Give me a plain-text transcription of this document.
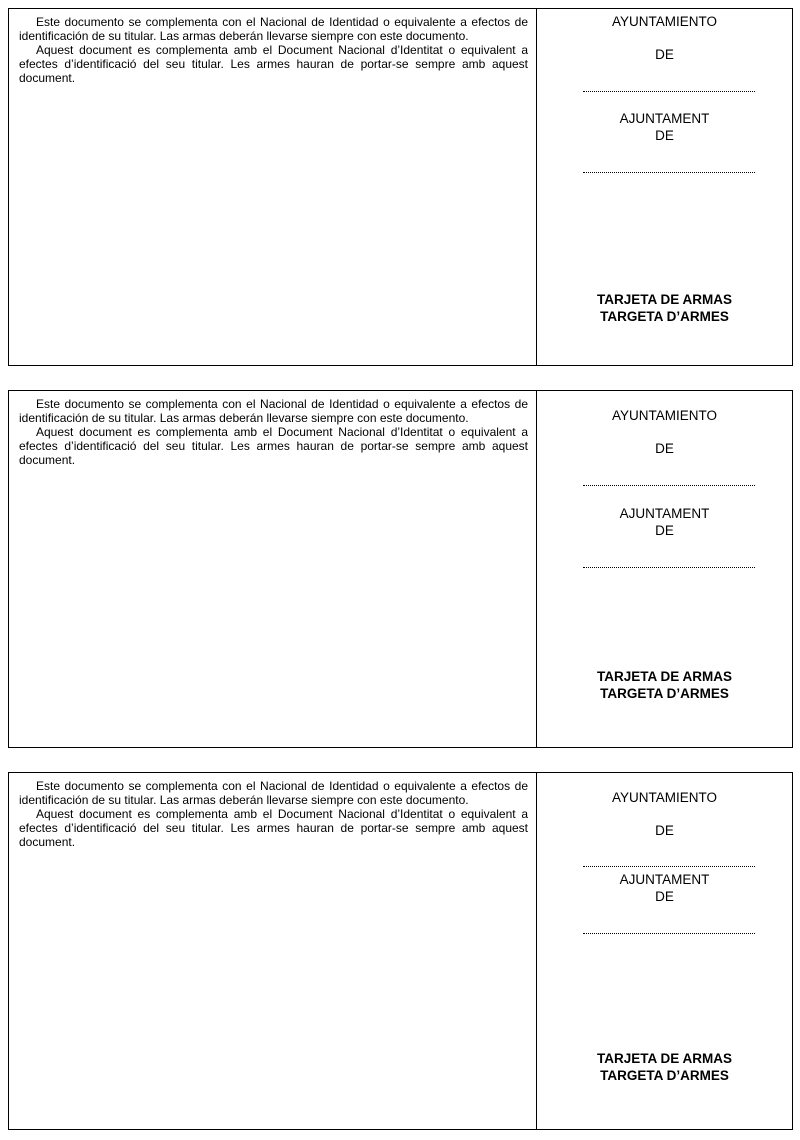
Este documento se complementa con el Nacional de Identidad o equivalente a efectos de identificación de su titular. Las armas deberán llevarse siempre con este documento.

Aquest document es complementa amb el Document Nacional d’Identitat o equivalent a efectes d’identificació del seu titular. Les armes hauran de portar-se sempre amb aquest document.

AYUNTAMIENTO
DE
AJUNTAMENT
DE
TARJETA DE ARMAS
TARGETA D’ARMES

Este documento se complementa con el Nacional de Identidad o equivalente a efectos de identificación de su titular. Las armas deberán llevarse siempre con este documento.

Aquest document es complementa amb el Document Nacional d’Identitat o equivalent a efectes d’identificació del seu titular. Les armes hauran de portar-se sempre amb aquest document.

AYUNTAMIENTO
DE
AJUNTAMENT
DE
TARJETA DE ARMAS
TARGETA D’ARMES

Este documento se complementa con el Nacional de Identidad o equivalente a efectos de identificación de su titular. Las armas deberán llevarse siempre con este documento.

Aquest document es complementa amb el Document Nacional d’Identitat o equivalent a efectes d’identificació del seu titular. Les armes hauran de portar-se sempre amb aquest document.

AYUNTAMIENTO
DE
AJUNTAMENT
DE
TARJETA DE ARMAS
TARGETA D’ARMES
